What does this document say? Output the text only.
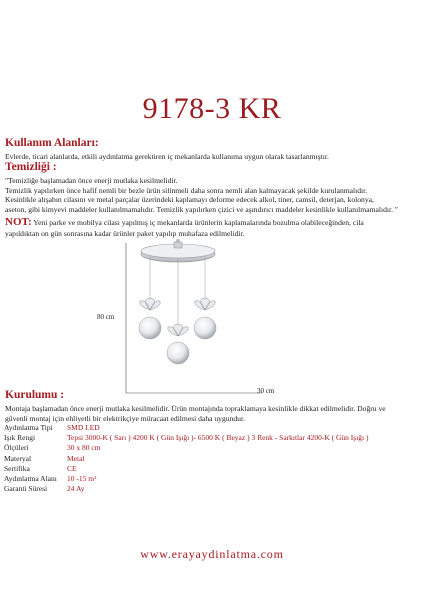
9178-3 KR
Kullanım Alanları:
Evlerde, ticari alanlarda, etkili aydınlatma gerektiren iç mekanlarda kullanıma uygun olarak tasarlanmıştır.
Temizliği :
"Temizliğe başlamadan önce enerji mutlaka kesilmelidir.
Temizlik yapılırken önce hafif nemli bir bezle ürün silinmeli daha sonra nemli alan kalmayacak şekilde kurulanmalıdır.
Kesinlikle alışabın cilasını ve metal parçalar üzerindeki kaplamayı deforme edecek alkol, tiner, camsil, deterjan, kolonya,
aseton, gibi kimyevi maddeler kullanılmamalıdır. Temizlik yapılırken çizici ve aşındırıcı maddeler kesinlikle kullanılmamalıdır. "
NOT: Yeni parke ve mobilya cilası yapılmış iç mekanlarda ürünlerin kaplamalarında bozulma olabileceğinden, cila
yapıldıktan on gün sonrasına kadar ürünler paket yapılıp muhafaza edilmelidir.
80 cm
30 cm
Kurulumu :
Montaja başlamadan önce enerji mutlaka kesilmelidir. Ürün montajında topraklamaya kesinlikle dikkat edilmelidir. Doğru ve
güvenli montaj için ehliyetli bir elektrikçiye müracaat edilmesi daha uygundur.
Aydınlatma Tipi	SMD LED
Işık Rengi	Tepsi 3000-K ( Sarı ) 4200 K ( Gün Işığı )- 6500 K ( Beyaz ) 3 Renk - Sarkıtlar 4200-K ( Gün Işığı )
Ölçüleri	30 x 80 cm
Materyal	Metal
Sertifika	CE
Aydınlatma Alanı	10 -15 m²
Garanti Süresi	24 Ay
www.erayaydinlatma.com
